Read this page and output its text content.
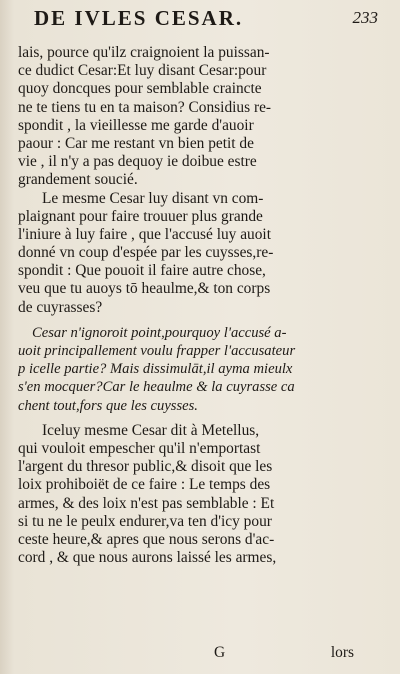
DE IVLES CESAR.	233
lais, pource qu'ilz craignoient la puissan-
ce dudict Cesar:Et luy disant Cesar:pour
quoy doncques pour semblable craincte
ne te tiens tu en ta maison? Considius re-
spondit , la vieillesse me garde d'auoir
paour : Car me restant vn bien petit de
vie , il n'y a pas dequoy ie doibue estre
grandement soucié.
Le mesme Cesar luy disant vn com-
plaignant pour faire trouuer plus grande
l'iniure à luy faire , que l'accusé luy auoit
donné vn coup d'espée par les cuysses,re-
spondit : Que pouoit il faire autre chose,
veu que tu auoys tō heaulme,& ton corps
de cuyrasses?
Cesar n'ignoroit point,pourquoy l'accusé a-
uoit principallement voulu frapper l'accusateur
p icelle partie? Mais dissimulāt,il ayma mieulx
s'en mocquer?Car le heaulme & la cuyrasse ca
chent tout,fors que les cuysses.
Iceluy mesme Cesar dit à Metellus,
qui vouloit empescher qu'il n'emportast
l'argent du thresor public,& disoit que les
loix prohiboiët de ce faire : Le temps des
armes, & des loix n'est pas semblable : Et
si tu ne le peulx endurer,va ten d'icy pour
ceste heure,& apres que nous serons d'ac-
cord , & que nous aurons laissé les armes,
G	lors
